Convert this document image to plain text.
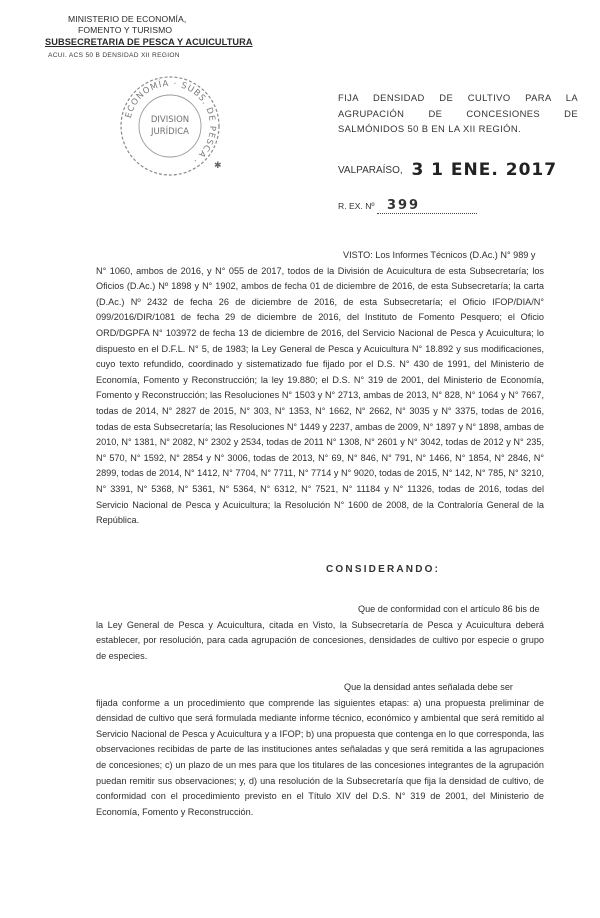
MINISTERIO DE ECONOMÍA,
FOMENTO Y TURISMO
SUBSECRETARIA DE PESCA Y ACUICULTURA
ACUI. ACS 50 B DENSIDAD XII REGION
ECONOMÍA · SUBS. DE PESCA ·
DIVISION
JURÍDICA
✱
FIJA DENSIDAD DE CULTIVO PARA LA AGRUPACIÓN DE CONCESIONES DE SALMÓNIDOS 50 B EN LA XII REGIÓN.
VALPARAÍSO, 3 1 ENE. 2017
R. EX. Nº 399
VISTO: Los Informes Técnicos (D.Ac.) N° 989 y

N° 1060, ambos de 2016, y N° 055 de 2017, todos de la División de Acuicultura de esta Subsecretaría; los Oficios (D.Ac.) Nº 1898 y N° 1902, ambos de fecha 01 de diciembre de 2016, de esta Subsecretaría; la carta (D.Ac.) Nº 2432 de fecha 26 de diciembre de 2016, de esta Subsecretaría; el Oficio IFOP/DIA/N° 099/2016/DIR/1081 de fecha 29 de diciembre de 2016, del Instituto de Fomento Pesquero; el Oficio ORD/DGPFA N° 103972 de fecha 13 de diciembre de 2016, del Servicio Nacional de Pesca y Acuicultura; lo dispuesto en el D.F.L. N° 5, de 1983; la Ley General de Pesca y Acuicultura N° 18.892 y sus modificaciones, cuyo texto refundido, coordinado y sistematizado fue fijado por el D.S. N° 430 de 1991, del Ministerio de Economía, Fomento y Reconstrucción; la ley 19.880; el D.S. N° 319 de 2001, del Ministerio de Economía, Fomento y Reconstrucción; las Resoluciones N° 1503 y N° 2713, ambas de 2013, N° 828, N° 1064 y N° 7667, todas de 2014, N° 2827 de 2015, N° 303, N° 1353, N° 1662, N° 2662, N° 3035 y N° 3375, todas de 2016, todas de esta Subsecretaría; las Resoluciones N° 1449 y 2237, ambas de 2009, N° 1897 y N° 1898, ambas de 2010, N° 1381, N° 2082, N° 2302 y 2534, todas de 2011 N° 1308, N° 2601 y N° 3042, todas de 2012 y N° 235, N° 570, N° 1592, N° 2854 y N° 3006, todas de 2013, N° 69, N° 846, N° 791, N° 1466, N° 1854, N° 2846, N° 2899, todas de 2014, N° 1412, N° 7704, N° 7711, N° 7714 y N° 9020, todas de 2015, N° 142, N° 785, N° 3210, N° 3391, N° 5368, N° 5361, N° 5364, N° 6312, N° 7521, N° 11184 y N° 11326, todas de 2016, todas del Servicio Nacional de Pesca y Acuicultura; la Resolución N° 1600 de 2008, de la Contraloría General de la República.

CONSIDERANDO:
Que de conformidad con el artículo 86 bis de

la Ley General de Pesca y Acuicultura, citada en Visto, la Subsecretaría de Pesca y Acuicultura deberá establecer, por resolución, para cada agrupación de concesiones, densidades de cultivo por especie o grupo de especies.

Que la densidad antes señalada debe ser

fijada conforme a un procedimiento que comprende las siguientes etapas: a) una propuesta preliminar de densidad de cultivo que será formulada mediante informe técnico, económico y ambiental que será remitido al Servicio Nacional de Pesca y Acuicultura y a IFOP; b) una propuesta que contenga en lo que corresponda, las observaciones recibidas de parte de las instituciones antes señaladas y que será remitida a las agrupaciones de concesiones; c) un plazo de un mes para que los titulares de las concesiones integrantes de la agrupación puedan remitir sus observaciones; y, d) una resolución de la Subsecretaría que fija la densidad de cultivo, de conformidad con el procedimiento previsto en el Título XIV del D.S. N° 319 de 2001, del Ministerio de Economía, Fomento y Reconstrucción.
